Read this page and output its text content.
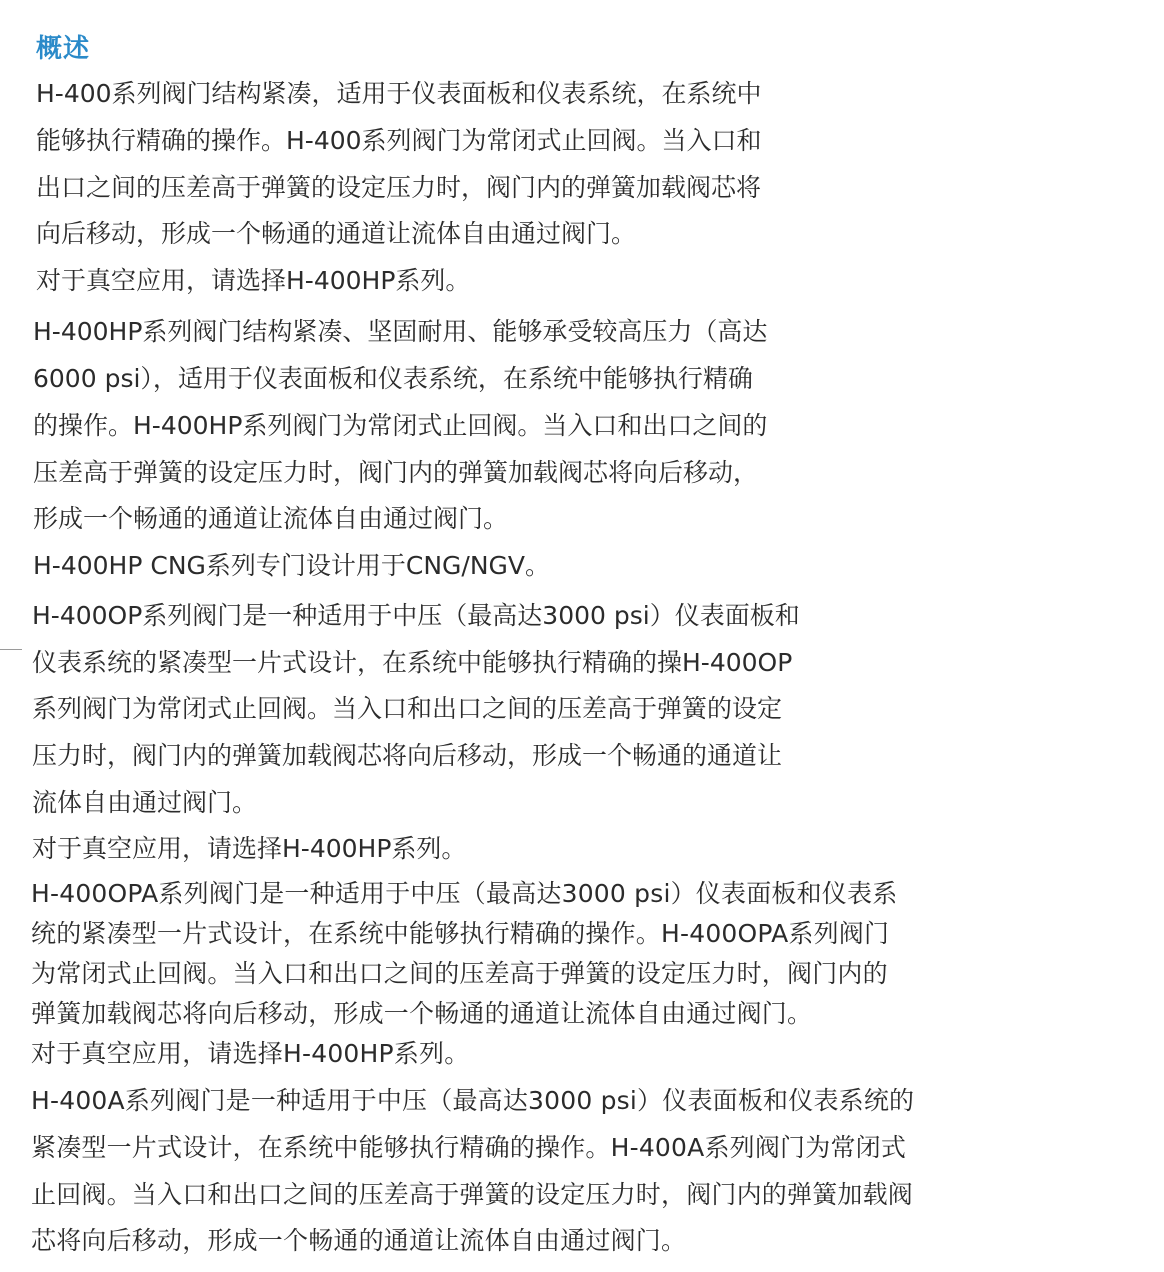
概述

H-400系列阀门结构紧凑，适用于仪表面板和仪表系统，在系统中

能够执行精确的操作。H-400系列阀门为常闭式止回阀。当入口和

出口之间的压差高于弹簧的设定压力时，阀门内的弹簧加载阀芯将

向后移动，形成一个畅通的通道让流体自由通过阀门。

对于真空应用，请选择H-400HP系列。

H-400HP系列阀门结构紧凑、坚固耐用、能够承受较高压力（高达

6000 psi），适用于仪表面板和仪表系统，在系统中能够执行精确

的操作。H-400HP系列阀门为常闭式止回阀。当入口和出口之间的

压差高于弹簧的设定压力时，阀门内的弹簧加载阀芯将向后移动，

形成一个畅通的通道让流体自由通过阀门。

H-400HP CNG系列专门设计用于CNG/NGV。

H-400OP系列阀门是一种适用于中压（最高达3000 psi）仪表面板和

仪表系统的紧凑型一片式设计，在系统中能够执行精确的操H-400OP

系列阀门为常闭式止回阀。当入口和出口之间的压差高于弹簧的设定

压力时，阀门内的弹簧加载阀芯将向后移动，形成一个畅通的通道让

流体自由通过阀门。

对于真空应用，请选择H-400HP系列。

H-400OPA系列阀门是一种适用于中压（最高达3000 psi）仪表面板和仪表系

统的紧凑型一片式设计，在系统中能够执行精确的操作。H-400OPA系列阀门

为常闭式止回阀。当入口和出口之间的压差高于弹簧的设定压力时，阀门内的

弹簧加载阀芯将向后移动，形成一个畅通的通道让流体自由通过阀门。

对于真空应用，请选择H-400HP系列。

H-400A系列阀门是一种适用于中压（最高达3000 psi）仪表面板和仪表系统的

紧凑型一片式设计，在系统中能够执行精确的操作。H-400A系列阀门为常闭式

止回阀。当入口和出口之间的压差高于弹簧的设定压力时，阀门内的弹簧加载阀

芯将向后移动，形成一个畅通的通道让流体自由通过阀门。
